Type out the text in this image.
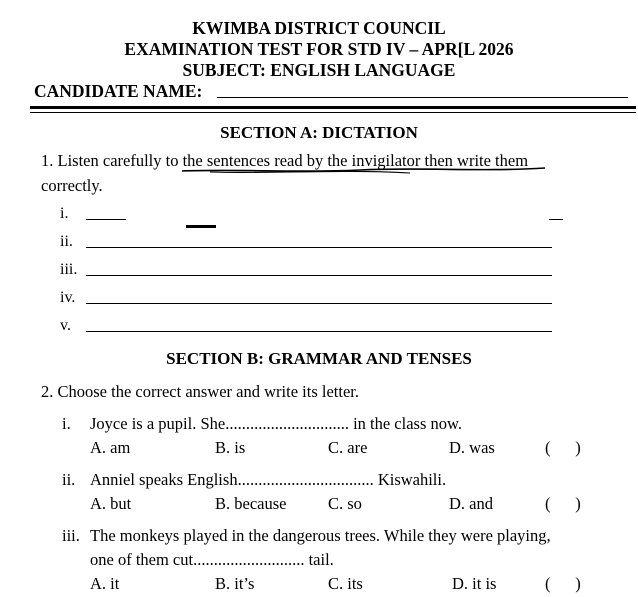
KWIMBA DISTRICT COUNCIL
EXAMINATION TEST FOR STD IV – APR[L 2026
SUBJECT: ENGLISH LANGUAGE
CANDIDATE NAME:
SECTION A: DICTATION
1. Listen carefully to the sentences read by the invigilator then write them
correctly.
i.
ii.
iii.
iv.
v.
SECTION B: GRAMMAR AND TENSES
2. Choose the correct answer and write its letter.
i. Joyce is a pupil. She.............................. in the class now.
A. am	B. is	C. are	D. was	(      )
ii. Anniel speaks English................................. Kiswahili.
A. but	B. because	C. so	D. and	(      )
iii. The monkeys played in the dangerous trees. While they were playing,
one of them cut........................... tail.
A. it	B. it’s	C. its	D. it is	(      )
